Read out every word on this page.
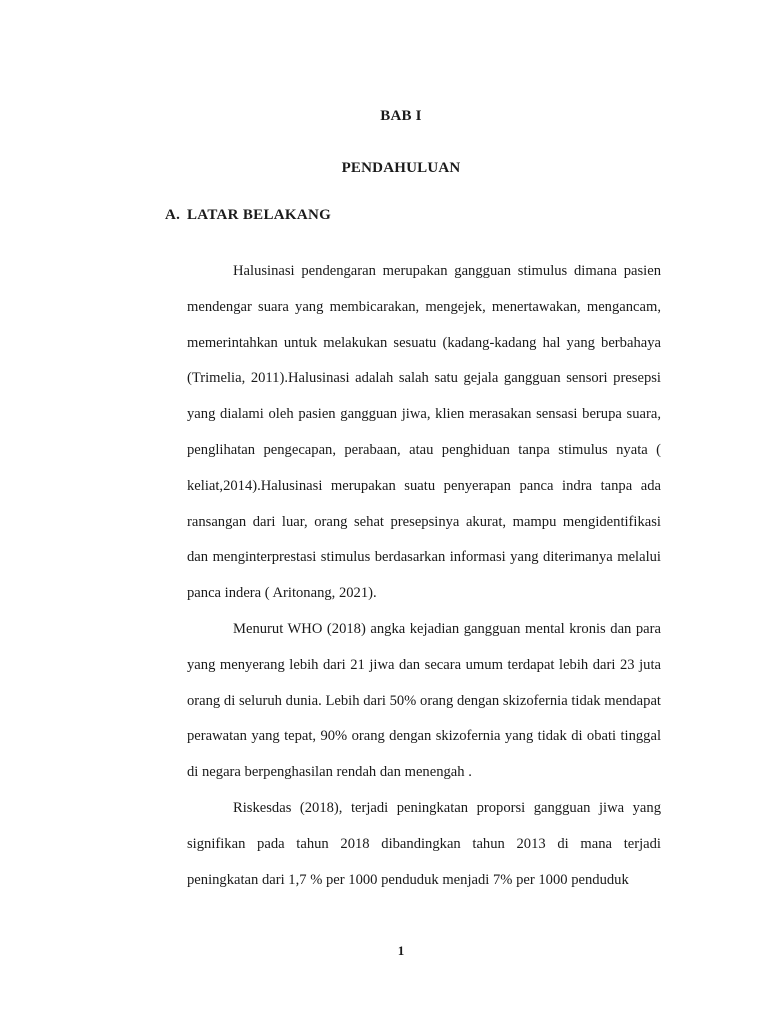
BAB I
PENDAHULUAN
A. LATAR BELAKANG

Halusinasi pendengaran merupakan gangguan stimulus dimana pasien mendengar suara yang membicarakan, mengejek, menertawakan, mengancam, memerintahkan untuk melakukan sesuatu (kadang-kadang hal yang berbahaya (Trimelia, 2011).Halusinasi adalah salah satu gejala gangguan sensori presepsi yang dialami oleh pasien gangguan jiwa, klien merasakan sensasi berupa suara, penglihatan pengecapan, perabaan, atau penghiduan tanpa stimulus nyata ( keliat,2014).Halusinasi merupakan suatu penyerapan panca indra tanpa ada ransangan dari luar, orang sehat presepsinya akurat, mampu mengidentifikasi dan menginterprestasi stimulus berdasarkan informasi yang diterimanya melalui panca indera ( Aritonang, 2021).

Menurut WHO (2018) angka kejadian gangguan mental kronis dan para yang menyerang lebih dari 21 jiwa dan secara umum terdapat lebih dari 23 juta orang di seluruh dunia. Lebih dari 50% orang dengan skizofernia tidak mendapat perawatan yang tepat, 90% orang dengan skizofernia yang tidak di obati tinggal di negara berpenghasilan rendah dan menengah .

Riskesdas (2018), terjadi peningkatan proporsi gangguan jiwa yang signifikan pada tahun 2018 dibandingkan tahun 2013 di mana terjadi peningkatan dari 1,7 % per 1000 penduduk menjadi 7% per 1000 penduduk

1
